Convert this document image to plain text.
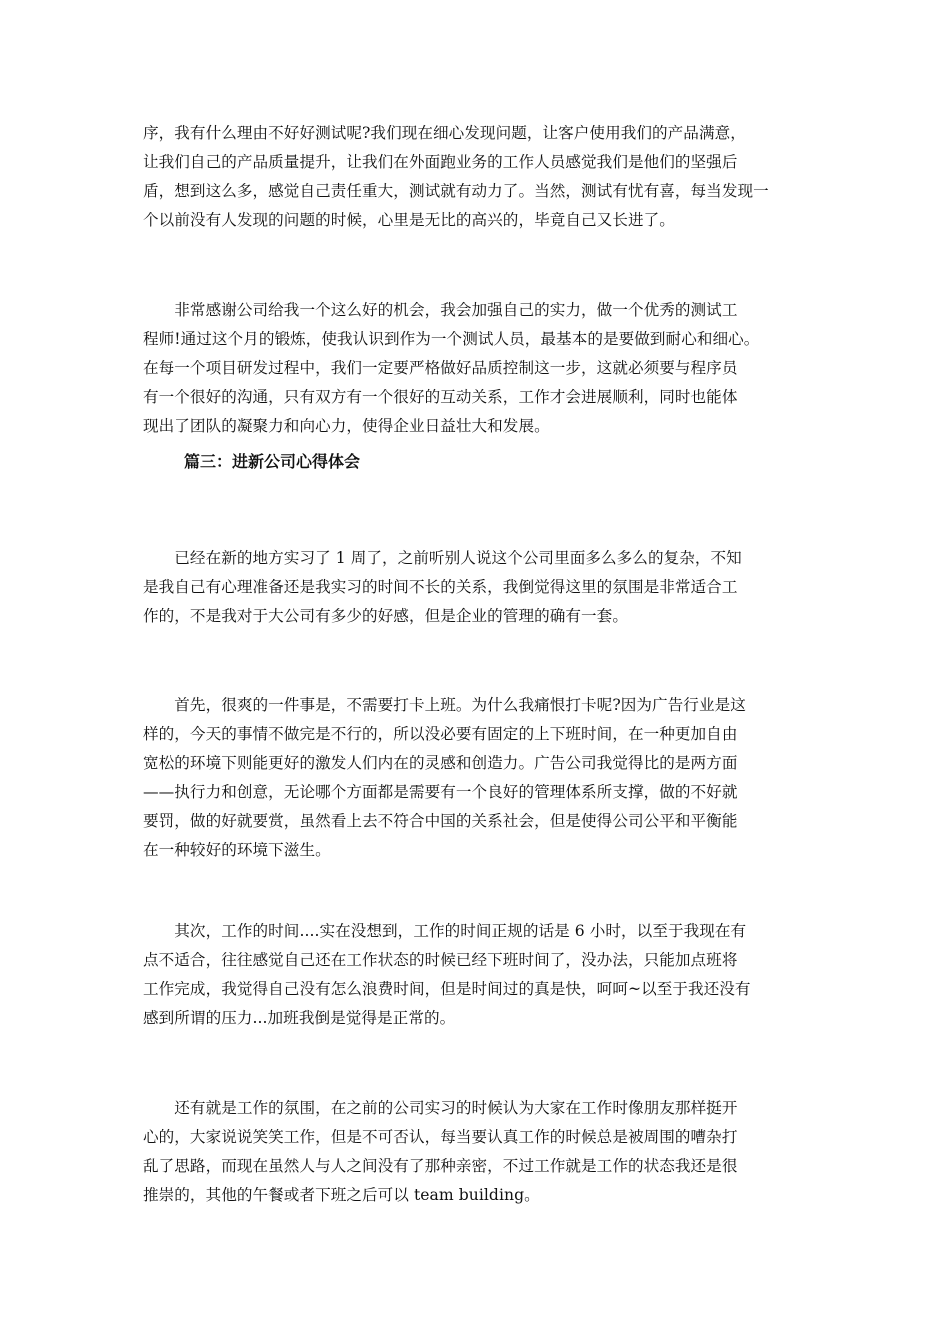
序，我有什么理由不好好测试呢?我们现在细心发现问题，让客户使用我们的产品满意，
让我们自己的产品质量提升，让我们在外面跑业务的工作人员感觉我们是他们的坚强后
盾，想到这么多，感觉自己责任重大，测试就有动力了。当然，测试有忧有喜，每当发现一
个以前没有人发现的问题的时候，心里是无比的高兴的，毕竟自己又长进了。
　　非常感谢公司给我一个这么好的机会，我会加强自己的实力，做一个优秀的测试工
程师!通过这个月的锻炼，使我认识到作为一个测试人员，最基本的是要做到耐心和细心。
在每一个项目研发过程中，我们一定要严格做好品质控制这一步，这就必须要与程序员
有一个很好的沟通，只有双方有一个很好的互动关系，工作才会进展顺利，同时也能体
现出了团队的凝聚力和向心力，使得企业日益壮大和发展。
篇三：进新公司心得体会
　　已经在新的地方实习了 1 周了，之前听别人说这个公司里面多么多么的复杂，不知
是我自己有心理准备还是我实习的时间不长的关系，我倒觉得这里的氛围是非常适合工
作的，不是我对于大公司有多少的好感，但是企业的管理的确有一套。
　　首先，很爽的一件事是，不需要打卡上班。为什么我痛恨打卡呢?因为广告行业是这
样的，今天的事情不做完是不行的，所以没必要有固定的上下班时间，在一种更加自由
宽松的环境下则能更好的激发人们内在的灵感和创造力。广告公司我觉得比的是两方面
——执行力和创意，无论哪个方面都是需要有一个良好的管理体系所支撑，做的不好就
要罚，做的好就要赏，虽然看上去不符合中国的关系社会，但是使得公司公平和平衡能
在一种较好的环境下滋生。
　　其次，工作的时间....实在没想到，工作的时间正规的话是 6 小时，以至于我现在有
点不适合，往往感觉自己还在工作状态的时候已经下班时间了，没办法，只能加点班将
工作完成，我觉得自己没有怎么浪费时间，但是时间过的真是快，呵呵~以至于我还没有
感到所谓的压力...加班我倒是觉得是正常的。
　　还有就是工作的氛围，在之前的公司实习的时候认为大家在工作时像朋友那样挺开
心的，大家说说笑笑工作，但是不可否认，每当要认真工作的时候总是被周围的嘈杂打
乱了思路，而现在虽然人与人之间没有了那种亲密，不过工作就是工作的状态我还是很
推崇的，其他的午餐或者下班之后可以 team building。
